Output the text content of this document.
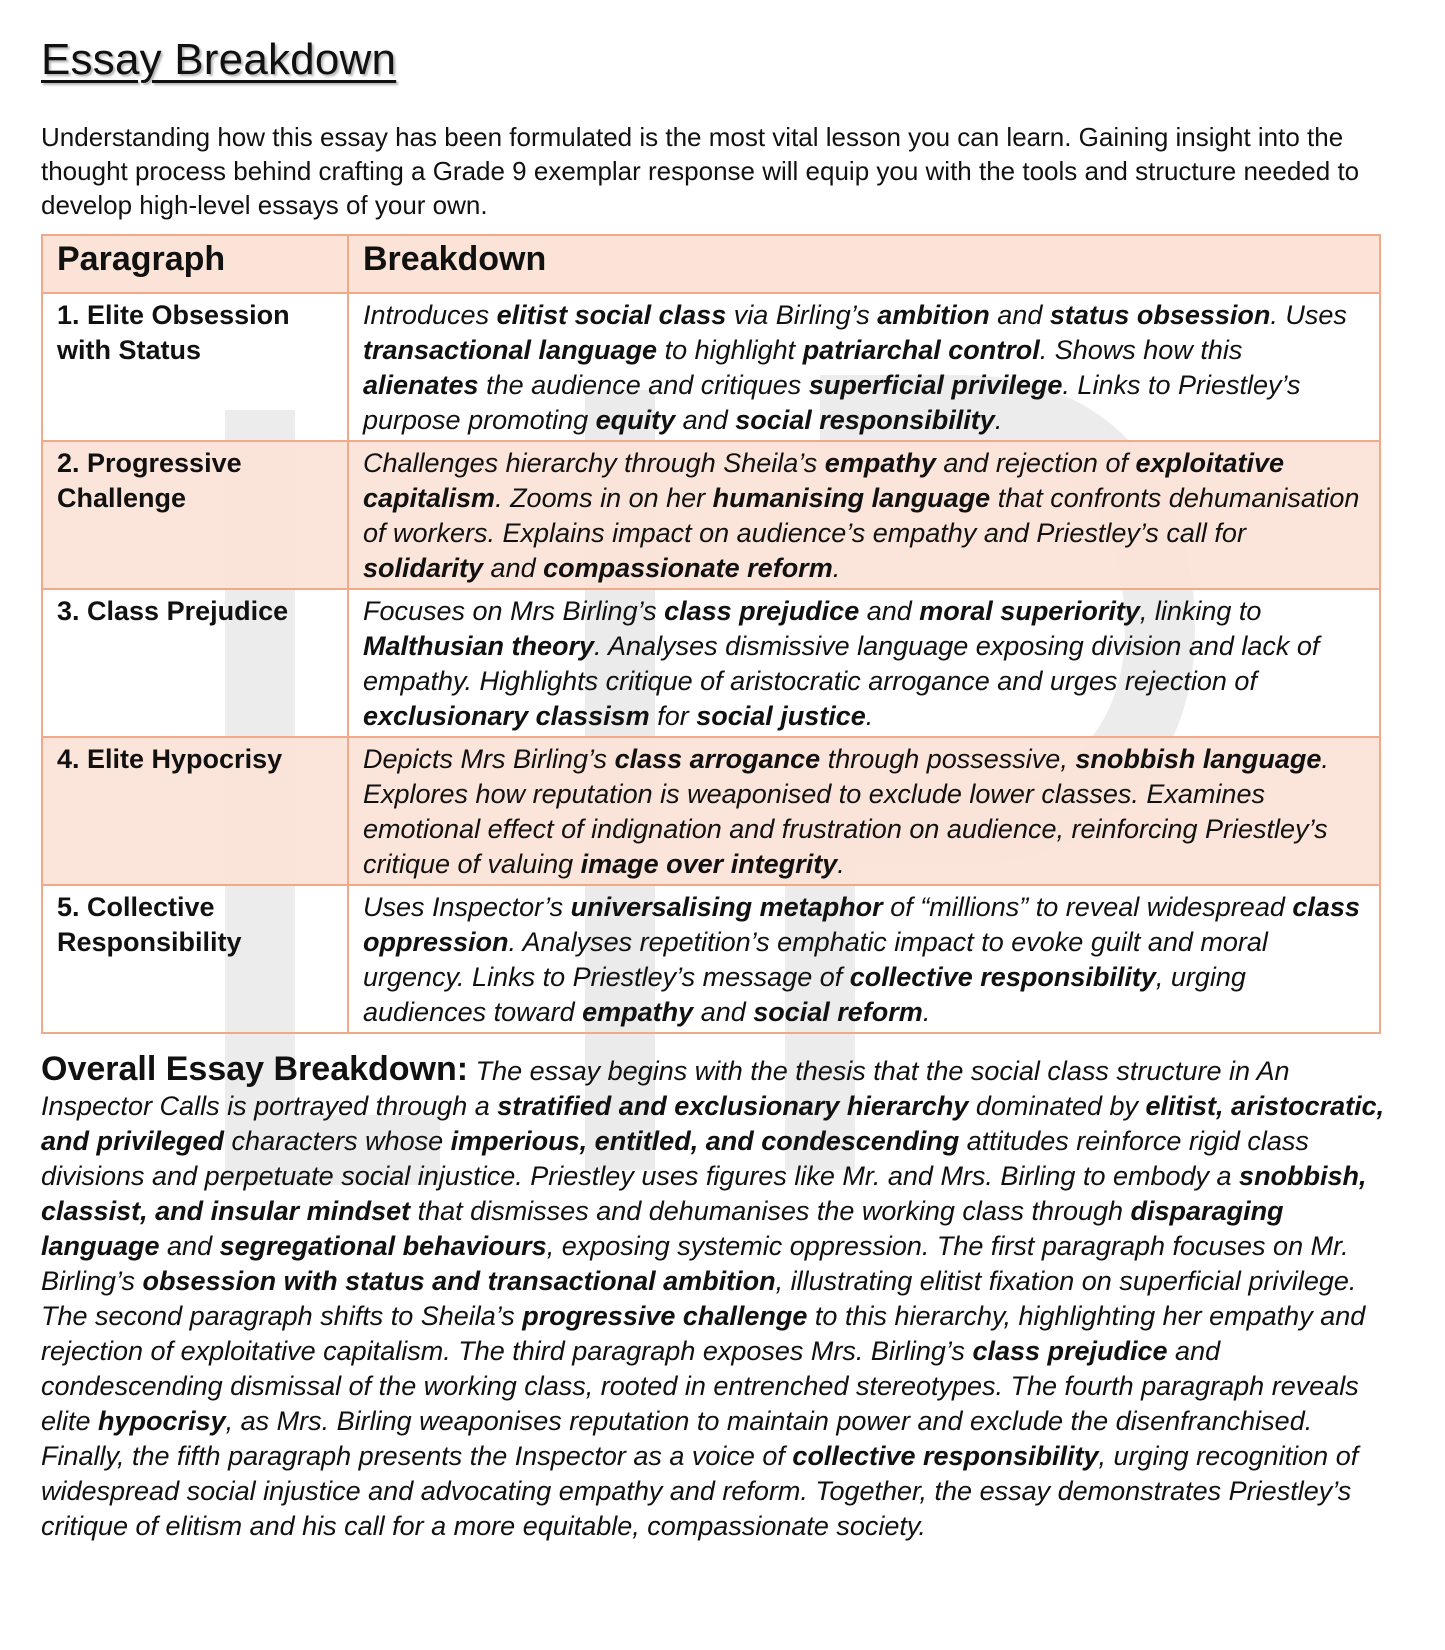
Essay Breakdown

Understanding how this essay has been formulated is the most vital lesson you can learn. Gaining insight into the thought process behind crafting a Grade 9 exemplar response will equip you with the tools and structure needed to develop high-level essays of your own.

Paragraph	Breakdown
1. Elite Obsession with Status	Introduces elitist social class via Birling’s ambition and status obsession. Uses transactional language to highlight patriarchal control. Shows how this alienates the audience and critiques superficial privilege. Links to Priestley’s purpose promoting equity and social responsibility.
2. Progressive Challenge	Challenges hierarchy through Sheila’s empathy and rejection of exploitative capitalism. Zooms in on her humanising language that confronts dehumanisation of workers. Explains impact on audience’s empathy and Priestley’s call for solidarity and compassionate reform.
3. Class Prejudice	Focuses on Mrs Birling’s class prejudice and moral superiority, linking to Malthusian theory. Analyses dismissive language exposing division and lack of empathy. Highlights critique of aristocratic arrogance and urges rejection of exclusionary classism for social justice.
4. Elite Hypocrisy	Depicts Mrs Birling’s class arrogance through possessive, snobbish language. Explores how reputation is weaponised to exclude lower classes. Examines emotional effect of indignation and frustration on audience, reinforcing Priestley’s critique of valuing image over integrity.
5. Collective Responsibility	Uses Inspector’s universalising metaphor of “millions” to reveal widespread class oppression. Analyses repetition’s emphatic impact to evoke guilt and moral urgency. Links to Priestley’s message of collective responsibility, urging audiences toward empathy and social reform.

Overall Essay Breakdown: The essay begins with the thesis that the social class structure in An Inspector Calls is portrayed through a stratified and exclusionary hierarchy dominated by elitist, aristocratic, and privileged characters whose imperious, entitled, and condescending attitudes reinforce rigid class divisions and perpetuate social injustice. Priestley uses figures like Mr. and Mrs. Birling to embody a snobbish, classist, and insular mindset that dismisses and dehumanises the working class through disparaging language and segregational behaviours, exposing systemic oppression. The first paragraph focuses on Mr. Birling’s obsession with status and transactional ambition, illustrating elitist fixation on superficial privilege. The second paragraph shifts to Sheila’s progressive challenge to this hierarchy, highlighting her empathy and rejection of exploitative capitalism. The third paragraph exposes Mrs. Birling’s class prejudice and condescending dismissal of the working class, rooted in entrenched stereotypes. The fourth paragraph reveals elite hypocrisy, as Mrs. Birling weaponises reputation to maintain power and exclude the disenfranchised. Finally, the fifth paragraph presents the Inspector as a voice of collective responsibility, urging recognition of widespread social injustice and advocating empathy and reform. Together, the essay demonstrates Priestley’s critique of elitism and his call for a more equitable, compassionate society.
